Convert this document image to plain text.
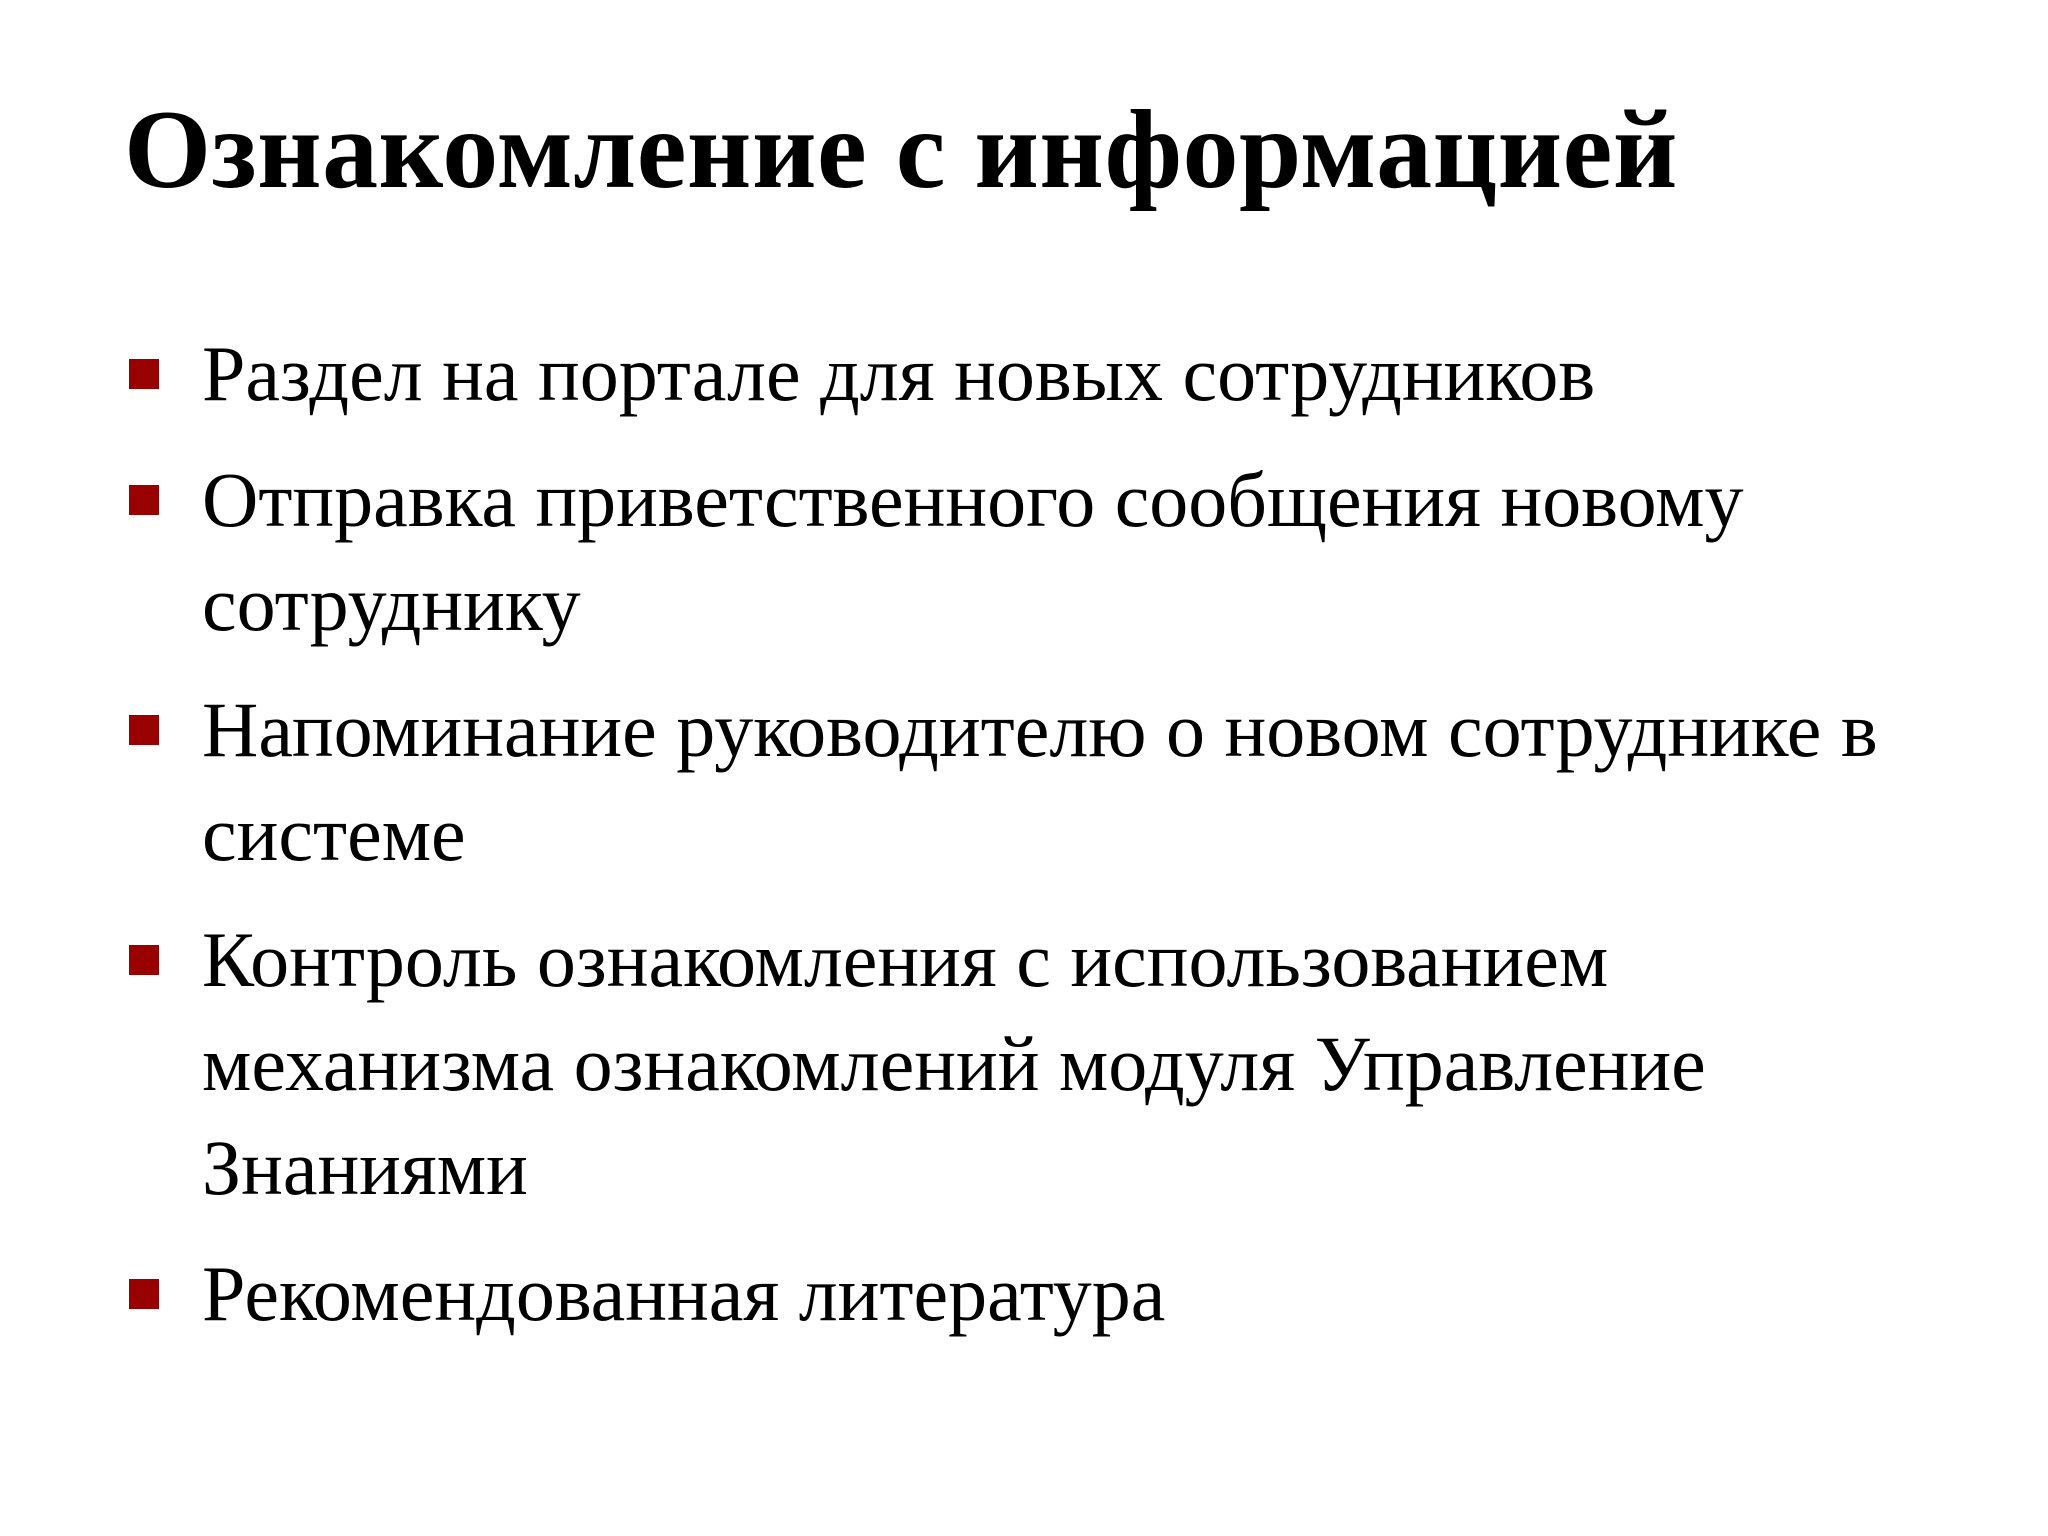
Ознакомление с информацией
Раздел на портале для новых сотрудников
Отправка приветственного сообщения новому сотруднику
Напоминание руководителю о новом сотруднике в системе
Контроль ознакомления с использованием механизма ознакомлений модуля Управление Знаниями
Рекомендованная литература
